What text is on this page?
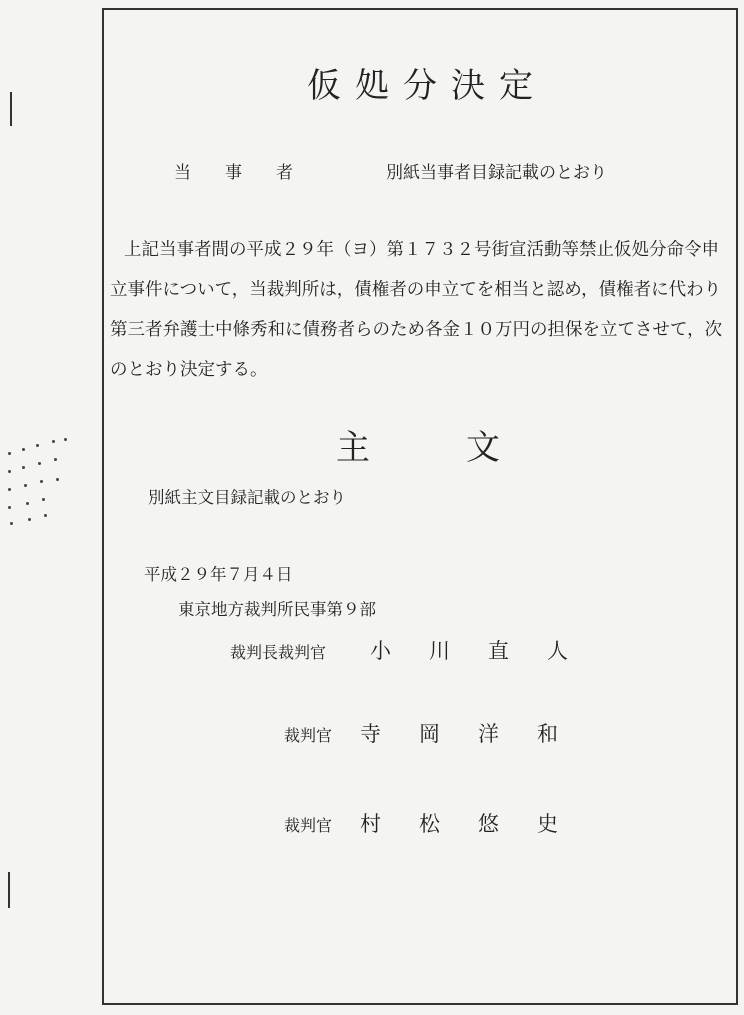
仮処分決定
当事者	別紙当事者目録記載のとおり
上記当事者間の平成２９年（ヨ）第１７３２号街宣活動等禁止仮処分命令申立事件について，当裁判所は，債権者の申立てを相当と認め，債権者に代わり第三者弁護士中條秀和に債務者らのため各金１０万円の担保を立てさせて，次のとおり決定する。
主文
別紙主文目録記載のとおり
平成２９年７月４日
東京地方裁判所民事第９部
裁判長裁判官 小川直人
裁判官 寺岡洋和
裁判官 村松悠史
